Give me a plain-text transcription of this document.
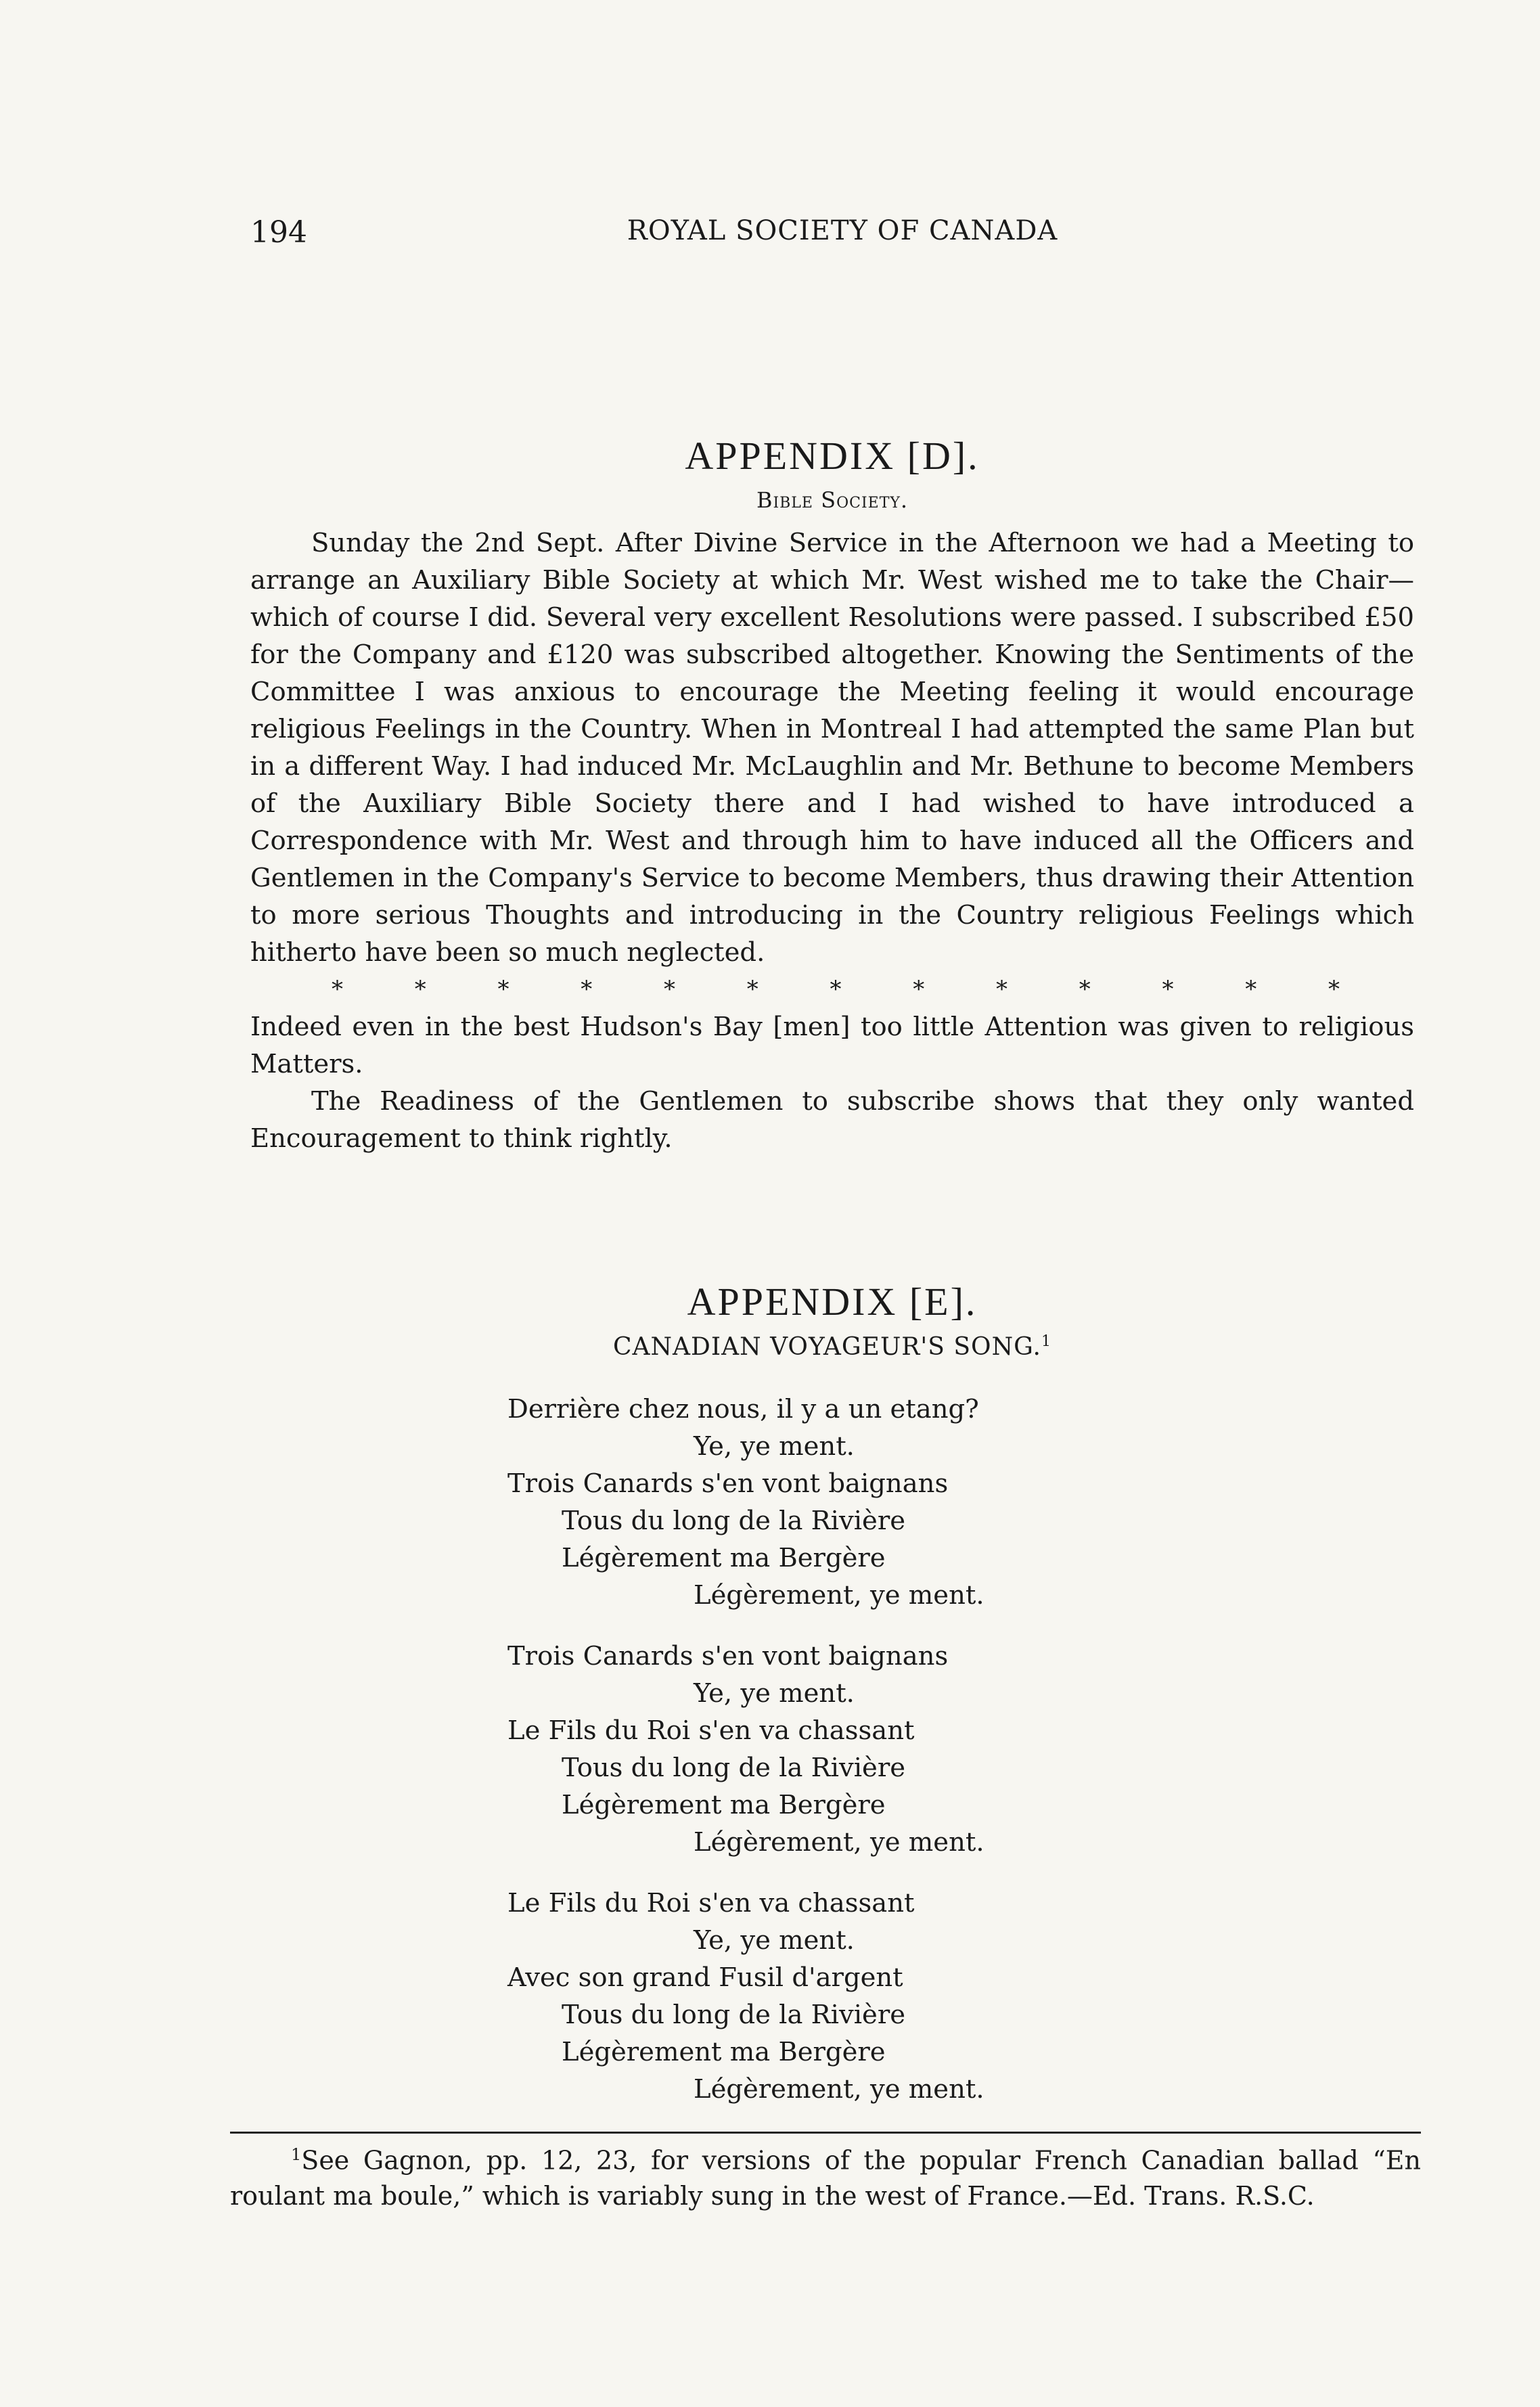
194	ROYAL SOCIETY OF CANADA
APPENDIX [D].
Bible Society.

Sunday the 2nd Sept. After Divine Service in the Afternoon we had a Meeting to arrange an Auxiliary Bible Society at which Mr. West wished me to take the Chair—which of course I did. Several very excellent Resolutions were passed. I subscribed £50 for the Company and £120 was subscribed altogether. Knowing the Sentiments of the Committee I was anxious to encourage the Meeting feeling it would encourage religious Feelings in the Country. When in Montreal I had attempted the same Plan but in a different Way. I had induced Mr. McLaughlin and Mr. Bethune to become Members of the Auxiliary Bible Society there and I had wished to have introduced a Correspondence with Mr. West and through him to have induced all the Officers and Gentlemen in the Company's Service to become Members, thus drawing their Attention to more serious Thoughts and introducing in the Country religious Feelings which hitherto have been so much neglected.

*	*	*	*	*	*	*	*	*	*	*	*	*

Indeed even in the best Hudson's Bay [men] too little Attention was given to religious Matters.

The Readiness of the Gentlemen to subscribe shows that they only wanted Encouragement to think rightly.

APPENDIX [E].
CANADIAN VOYAGEUR'S SONG.$^1$
Derrière chez nous, il y a un etang?
Ye, ye ment.
Trois Canards s'en vont baignans
Tous du long de la Rivière
Légèrement ma Bergère
Légèrement, ye ment.
Trois Canards s'en vont baignans
Ye, ye ment.
Le Fils du Roi s'en va chassant
Tous du long de la Rivière
Légèrement ma Bergère
Légèrement, ye ment.
Le Fils du Roi s'en va chassant
Ye, ye ment.
Avec son grand Fusil d'argent
Tous du long de la Rivière
Légèrement ma Bergère
Légèrement, ye ment.
$^1$See Gagnon, pp. 12, 23, for versions of the popular French Canadian ballad “En roulant ma boule,” which is variably sung in the west of France.—Ed. Trans. R.S.C.
